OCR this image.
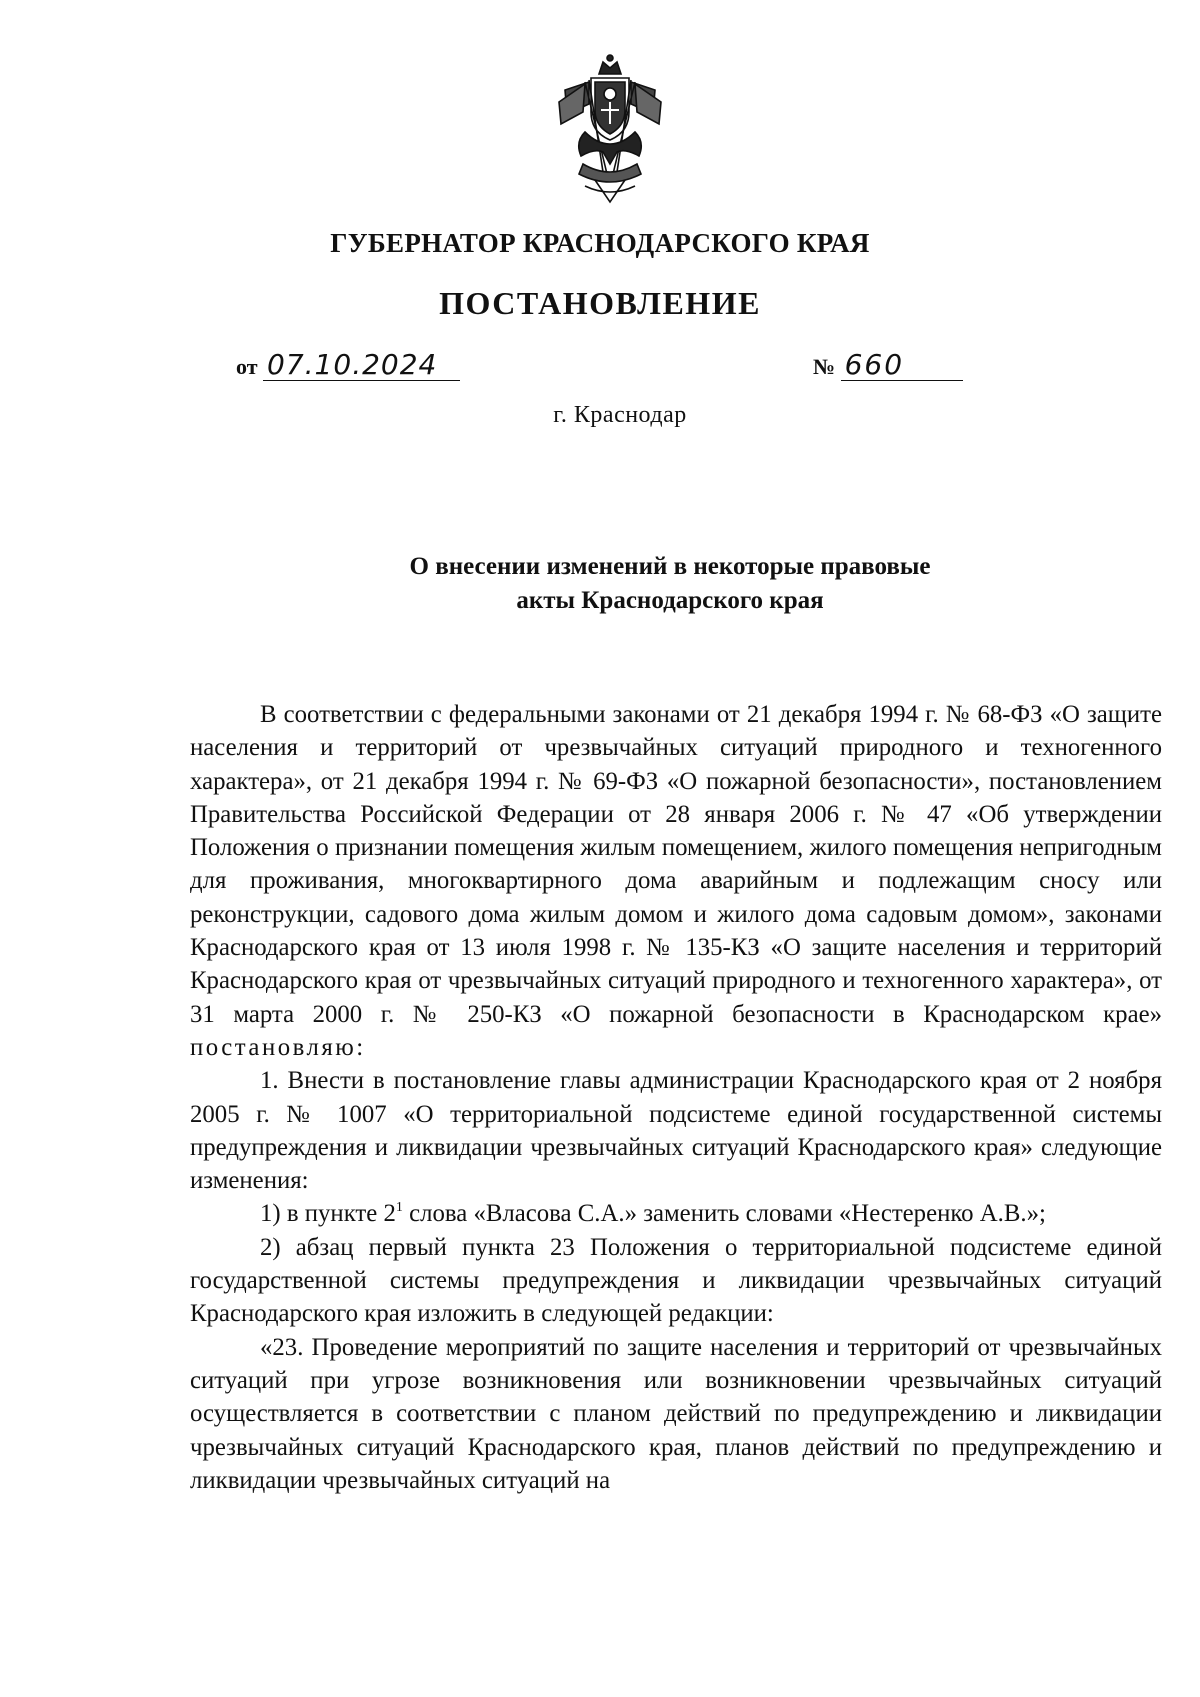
ГУБЕРНАТОР КРАСНОДАРСКОГО КРАЯ
ПОСТАНОВЛЕНИЕ
от 07.10.2024	№ 660
г. Краснодар
О внесении изменений в некоторые правовые
акты Краснодарского края

В соответствии с федеральными законами от 21 декабря 1994 г. № 68-ФЗ «О защите населения и территорий от чрезвычайных ситуаций природного и техногенного характера», от 21 декабря 1994 г. № 69-ФЗ «О пожарной безопасности», постановлением Правительства Российской Федерации от 28 января 2006 г. № 47 «Об утверждении Положения о признании помещения жилым помещением, жилого помещения непригодным для проживания, многоквартирного дома аварийным и подлежащим сносу или реконструкции, садового дома жилым домом и жилого дома садовым домом», законами Краснодарского края от 13 июля 1998 г. № 135-КЗ «О защите населения и территорий Краснодарского края от чрезвычайных ситуаций природного и техногенного характера», от 31 марта 2000 г. № 250-КЗ «О пожарной безопасности в Краснодарском крае» постановляю:

1. Внести в постановление главы администрации Краснодарского края от 2 ноября 2005 г. № 1007 «О территориальной подсистеме единой государственной системы предупреждения и ликвидации чрезвычайных ситуаций Краснодарского края» следующие изменения:

1) в пункте $2^1$ слова «Власова С.А.» заменить словами «Нестеренко А.В.»;

2) абзац первый пункта 23 Положения о территориальной подсистеме единой государственной системы предупреждения и ликвидации чрезвычайных ситуаций Краснодарского края изложить в следующей редакции:

«23. Проведение мероприятий по защите населения и территорий от чрезвычайных ситуаций при угрозе возникновения или возникновении чрезвычайных ситуаций осуществляется в соответствии с планом действий по предупреждению и ликвидации чрезвычайных ситуаций Краснодарского края, планов действий по предупреждению и ликвидации чрезвычайных ситуаций на
